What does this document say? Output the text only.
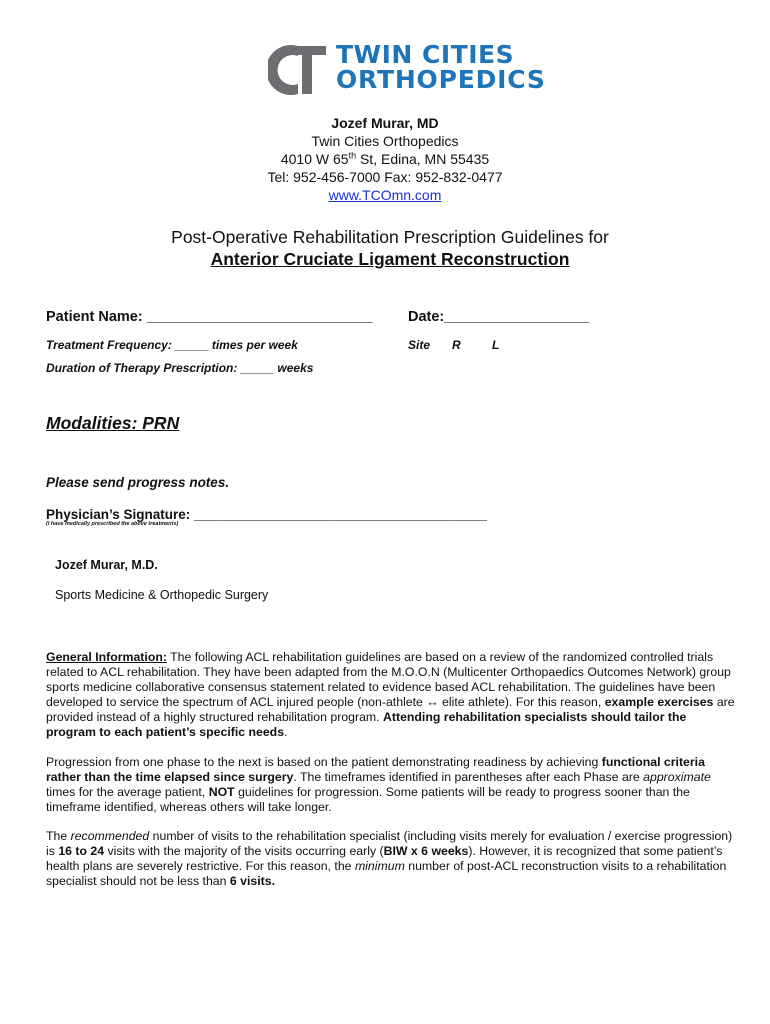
TWIN CITIES
ORTHOPEDICS
Jozef Murar, MD
Twin Cities Orthopedics
4010 W 65th St, Edina, MN 55435
Tel: 952-456-7000 Fax: 952-832-0477
www.TCOmn.com
Post-Operative Rehabilitation Prescription Guidelines for
Anterior Cruciate Ligament Reconstruction
Patient Name: ____________________________ Date:__________________
Treatment Frequency: _____ times per week	Site R	L
Duration of Therapy Prescription: _____ weeks
Modalities: PRN
Please send progress notes.
Physician’s Signature: _______________________________________
(I have medically prescribed the above treatments)
Jozef Murar, M.D.
Sports Medicine & Orthopedic Surgery
General Information: The following ACL rehabilitation guidelines are based on a review of the randomized controlled trials related to ACL rehabilitation. They have been adapted from the M.O.O.N (Multicenter Orthopaedics Outcomes Network) group sports medicine collaborative consensus statement related to evidence based ACL rehabilitation. The guidelines have been developed to service the spectrum of ACL injured people (non-athlete ↔ elite athlete). For this reason, example exercises are provided instead of a highly structured rehabilitation program. Attending rehabilitation specialists should tailor the program to each patient’s specific needs.
Progression from one phase to the next is based on the patient demonstrating readiness by achieving functional criteria rather than the time elapsed since surgery. The timeframes identified in parentheses after each Phase are approximate times for the average patient, NOT guidelines for progression. Some patients will be ready to progress sooner than the timeframe identified, whereas others will take longer.
The recommended number of visits to the rehabilitation specialist (including visits merely for evaluation / exercise progression) is 16 to 24 visits with the majority of the visits occurring early (BIW x 6 weeks). However, it is recognized that some patient’s health plans are severely restrictive. For this reason, the minimum number of post-ACL reconstruction visits to a rehabilitation specialist should not be less than 6 visits.
